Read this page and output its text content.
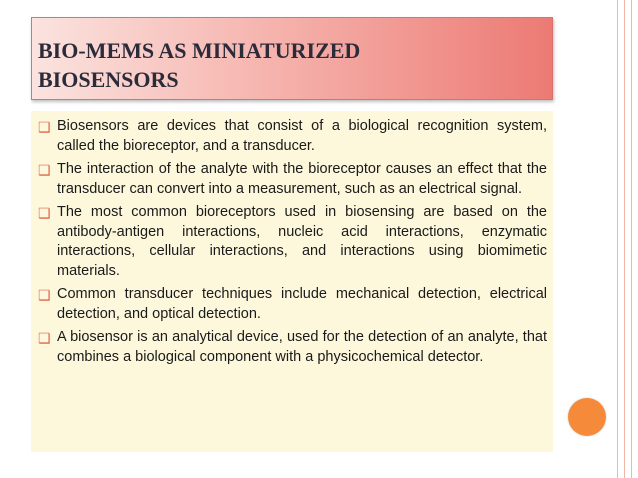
BIO-MEMS AS MINIATURIZED
BIOSENSORS
❑ Biosensors are devices that consist of a biological recognition system, called the bioreceptor, and a transducer.
❑ The interaction of the analyte with the bioreceptor causes an effect that the transducer can convert into a measurement, such as an electrical signal.
❑ The most common bioreceptors used in biosensing are based on the antibody-antigen interactions, nucleic acid interactions, enzymatic interactions, cellular interactions, and interactions using biomimetic materials.
❑ Common transducer techniques include mechanical detection, electrical detection, and optical detection.
❑ A biosensor is an analytical device, used for the detection of an analyte, that combines a biological component with a physicochemical detector.
